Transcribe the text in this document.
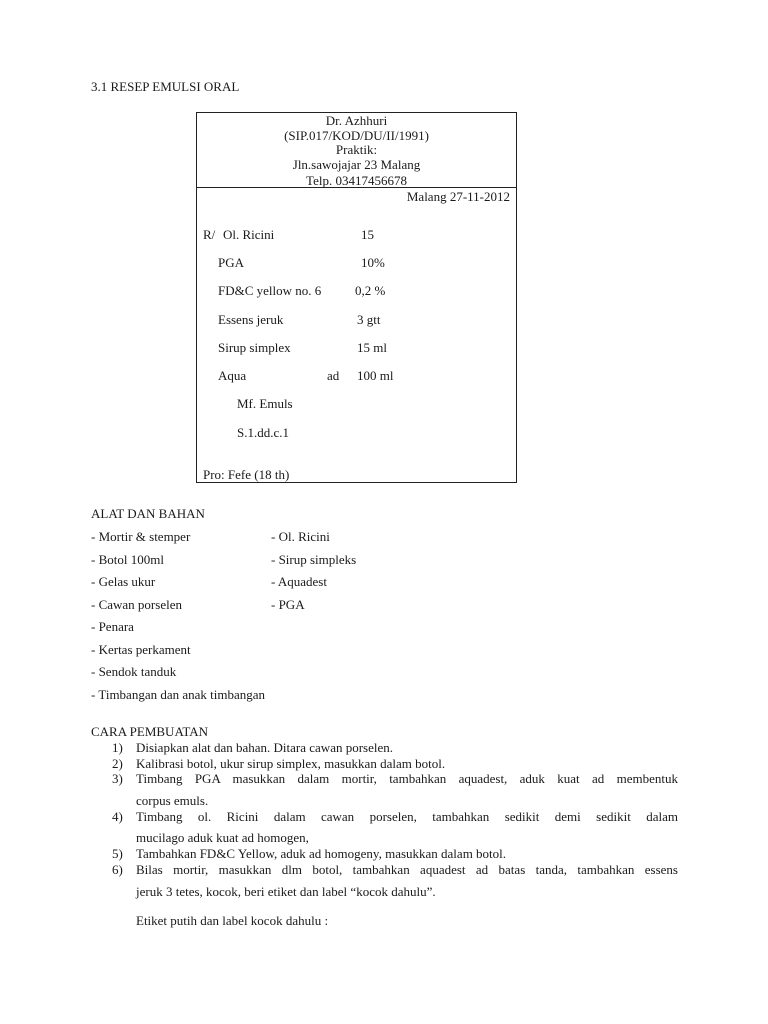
3.1 RESEP EMULSI ORAL
Dr. Azhhuri
(SIP.017/KOD/DU/II/1991)
Praktik:
Jln.sawojajar 23 Malang
Telp. 03417456678
Malang 27-11-2012
R/ Ol. Ricini	15
PGA	10%
FD&C yellow no. 6	0,2 %
Essens jeruk	3 gtt
Sirup simplex	15 ml
Aqua	ad 100 ml
Mf. Emuls
S.1.dd.c.1
Pro: Fefe (18 th)
ALAT DAN BAHAN
- Mortir & stemper
- Botol 100ml
- Gelas ukur
- Cawan porselen
- Penara
- Kertas perkament
- Sendok tanduk
- Timbangan dan anak timbangan
- Ol. Ricini
- Sirup simpleks
- Aquadest
- PGA
CARA PEMBUATAN
1) Disiapkan alat dan bahan. Ditara cawan porselen.
2) Kalibrasi botol, ukur sirup simplex, masukkan dalam botol.
3) Timbang PGA masukkan dalam mortir, tambahkan aquadest, aduk kuat ad membentuk
corpus emuls.
4) Timbang ol. Ricini dalam cawan porselen, tambahkan sedikit demi sedikit dalam
mucilago aduk kuat ad homogen,
5) Tambahkan FD&C Yellow, aduk ad homogeny, masukkan dalam botol.
6) Bilas mortir, masukkan dlm botol, tambahkan aquadest ad batas tanda, tambahkan essens
jeruk 3 tetes, kocok, beri etiket dan label “kocok dahulu”.
Etiket putih dan label kocok dahulu :
